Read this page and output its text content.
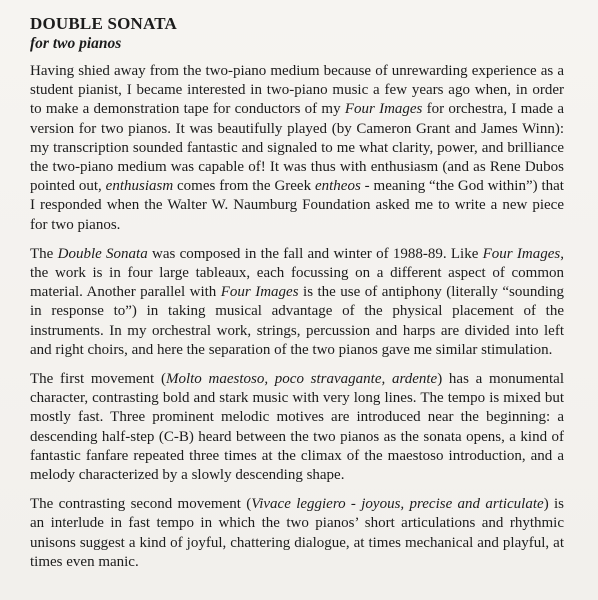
DOUBLE SONATA
for two pianos

Having shied away from the two-piano medium because of unrewarding experience as a student pianist, I became interested in two-piano music a few years ago when, in order to make a demonstration tape for conductors of my Four Images for orchestra, I made a version for two pianos. It was beautifully played (by Cameron Grant and James Winn): my transcription sounded fantastic and signaled to me what clarity, power, and brilliance the two-piano medium was capable of! It was thus with enthusiasm (and as Rene Dubos pointed out, enthusiasm comes from the Greek entheos - meaning “the God within”) that I responded when the Walter W. Naumburg Foundation asked me to write a new piece for two pianos.

The Double Sonata was composed in the fall and winter of 1988-89. Like Four Images, the work is in four large tableaux, each focussing on a different aspect of common material. Another parallel with Four Images is the use of antiphony (literally “sounding in response to”) in taking musical advantage of the physical placement of the instruments. In my orchestral work, strings, percussion and harps are divided into left and right choirs, and here the separation of the two pianos gave me similar stimulation.

The first movement (Molto maestoso, poco stravagante, ardente) has a monumental character, contrasting bold and stark music with very long lines. The tempo is mixed but mostly fast. Three prominent melodic motives are introduced near the beginning: a descending half-step (C-B) heard between the two pianos as the sonata opens, a kind of fantastic fanfare repeated three times at the climax of the maestoso introduction, and a melody characterized by a slowly descending shape.

The contrasting second movement (Vivace leggiero - joyous, precise and articulate) is an interlude in fast tempo in which the two pianos’ short articulations and rhythmic unisons suggest a kind of joyful, chattering dialogue, at times mechanical and playful, at times even manic.
